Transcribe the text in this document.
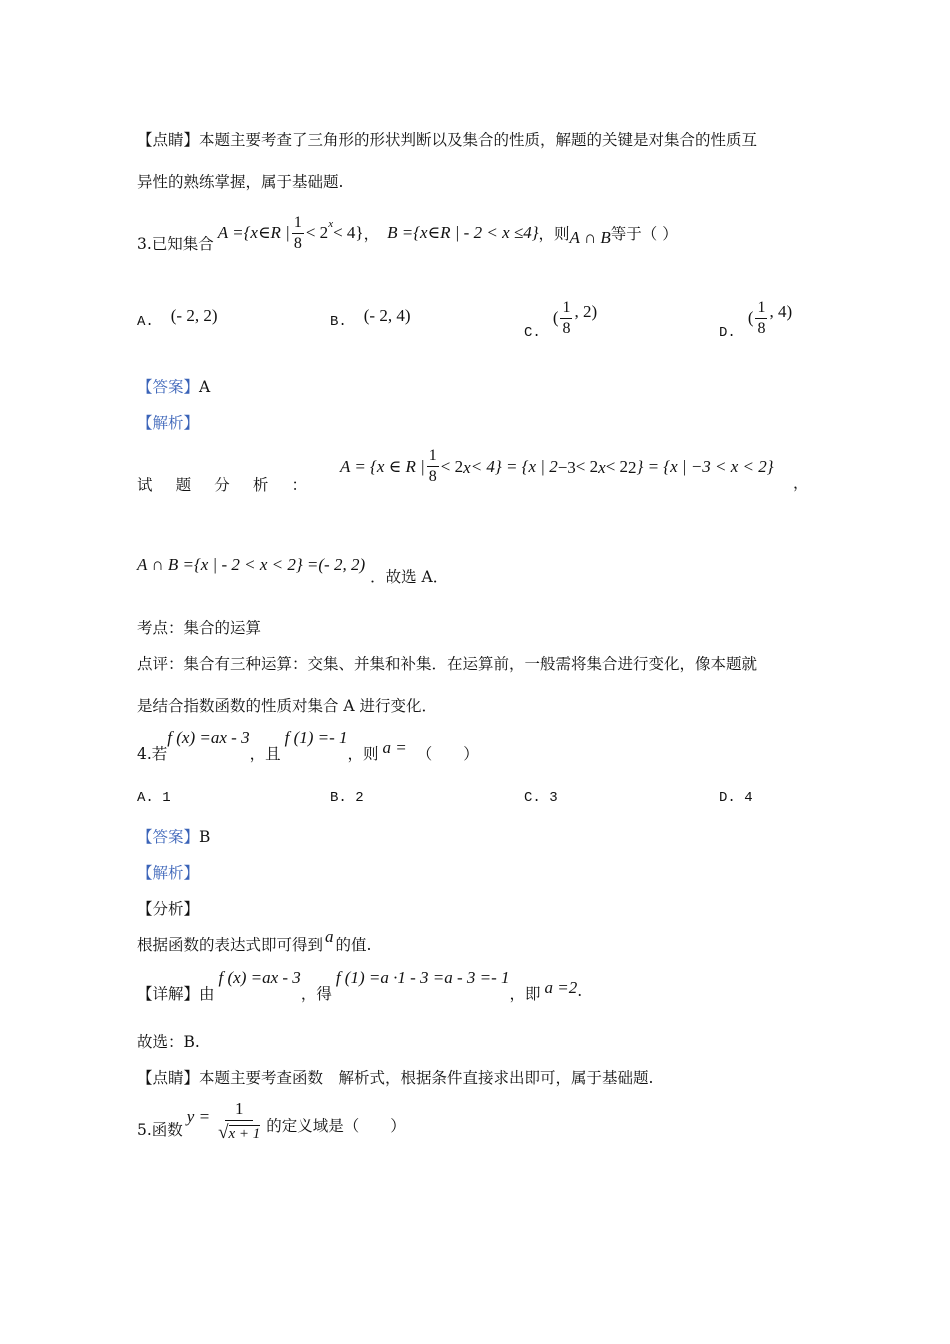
【点睛】本题主要考查了三角形的形状判断以及集合的性质，解题的关键是对集合的性质互
异性的熟练掌握，属于基础题.
3.已知集合
A ={x∈R | $\frac{1}{8} < 2^x < 4$} ， B ={x∈R | - 2 < x ≤4} ，则 A ∩ B 等于（ ）
A. (- 2, 2)	B. (- 2, 4)
C.
( $\frac{1}{8}$ , 2)
D.
( $\frac{1}{8}$ , 4)
【答案】A
【解析】
试 题 分 析 ：
A = {x ∈ R | $\frac{1}{8} < 2$ x < 4} = {x | 2 −3 < 2 x < 2 2 } = {x | −3 < x < 2}
，
A ∩ B ={x | - 2 < x < 2} =(- 2, 2) ．故选 A．
考点：集合的运算
点评：集合有三种运算：交集、并集和补集．在运算前，一般需将集合进行变化，像本题就
是结合指数函数的性质对集合 A 进行变化．
4.若
f (x) =ax - 3
，且
f (1) =- 1
，则 a = （　　）
A. 1	B. 2	C. 3	D. 4
【答案】B
【解析】
【分析】
根据函数的表达式即可得到 a 的值.
【详解】 由
f (x) =ax - 3
，得
f (1) =a ·1 - 3 =a - 3 =- 1
，即 a =2 .
故选：B.
【点睛】本题主要考查函数　解析式，根据条件直接求出即可，属于基础题.
5.函数
$y = \frac{1}{√ x + 1}$ 的定义域是（　　）
